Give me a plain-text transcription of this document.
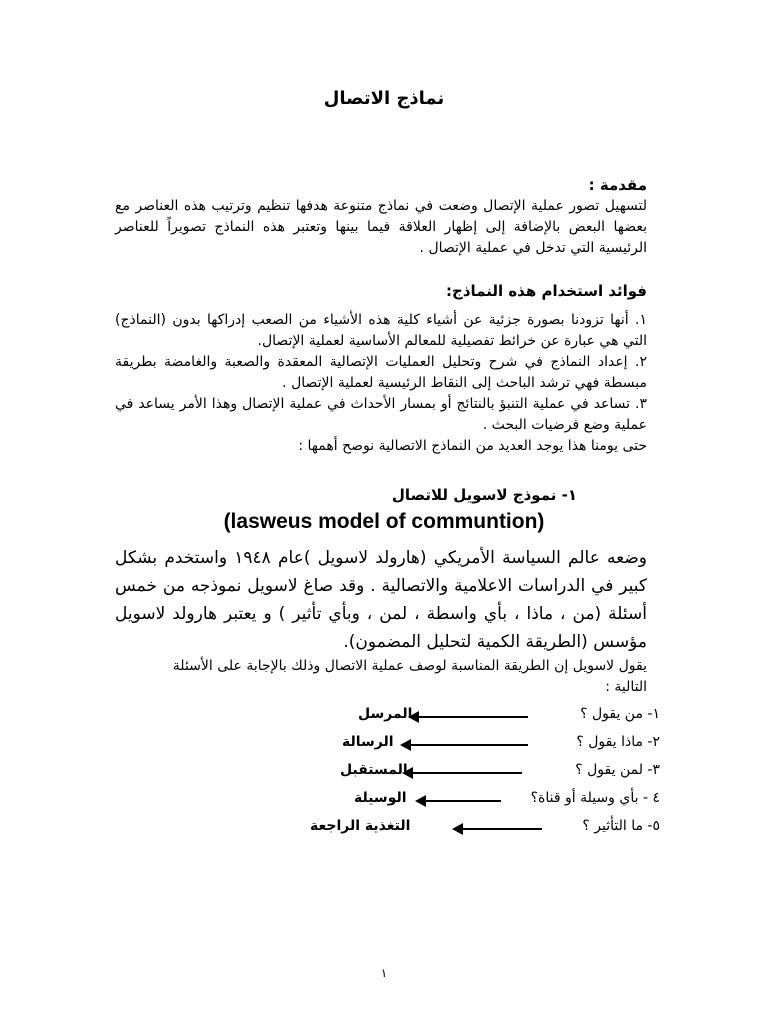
نماذج الاتصال
مقدمة :
لتسهيل تصور عملية الإتصال وضعت في نماذج متنوعة هدفها تنظيم وترتيب هذه العناصر مع بعضها البعض بالإضافة إلى إظهار العلاقة فيما بينها وتعتبر هذه النماذج تصويراً للعناصر الرئيسية التي تدخل في عملية الإتصال .
فوائد استخدام هذه النماذج:
١. أنها تزودنا بصورة جزئية عن أشياء كلية هذه الأشياء من الصعب إدراكها بدون (النماذج) التي هي عبارة عن خرائط تفصيلية للمعالم الأساسية لعملية الإتصال.
٢. إعداد النماذج في شرح وتحليل العمليات الإتصالية المعقدة والصعبة والغامضة بطريقة مبسطة فهي ترشد الباحث إلى النقاط الرئيسية لعملية الإتصال .
٣. تساعد في عملية التنبؤ بالنتائج أو بمسار الأحداث في عملية الإتصال وهذا الأمر يساعد في عملية وضع فرضيات البحث .
حتى يومنا هذا يوجد العديد من النماذج الاتصالية نوصح أهمها :
١- نموذج لاسويل للاتصال
(lasweus model of communtion)
وضعه عالم السياسة الأمريكي (هارولد لاسويل )عام ١٩٤٨ واستخدم بشكل كبير في الدراسات الاعلامية والاتصالية . وقد صاغ لاسويل نموذجه من خمس أسئلة (من ، ماذا ، بأي واسطة ، لمن ، وبأي تأثير ) و يعتبر هارولد لاسويل مؤسس (الطريقة الكمية لتحليل المضمون).
يقول لاسويل إن الطريقة المناسبة لوصف عملية الاتصال وذلك بالإجابة على الأسئلة التالية :
١- من يقول ؟
المرسل
٢- ماذا يقول ؟
الرسالة
٣- لمن يقول ؟
المستقبل
٤ - بأي وسيلة أو قناة؟
الوسيلة
٥- ما التأثير ؟
التغذية الراجعة
١
